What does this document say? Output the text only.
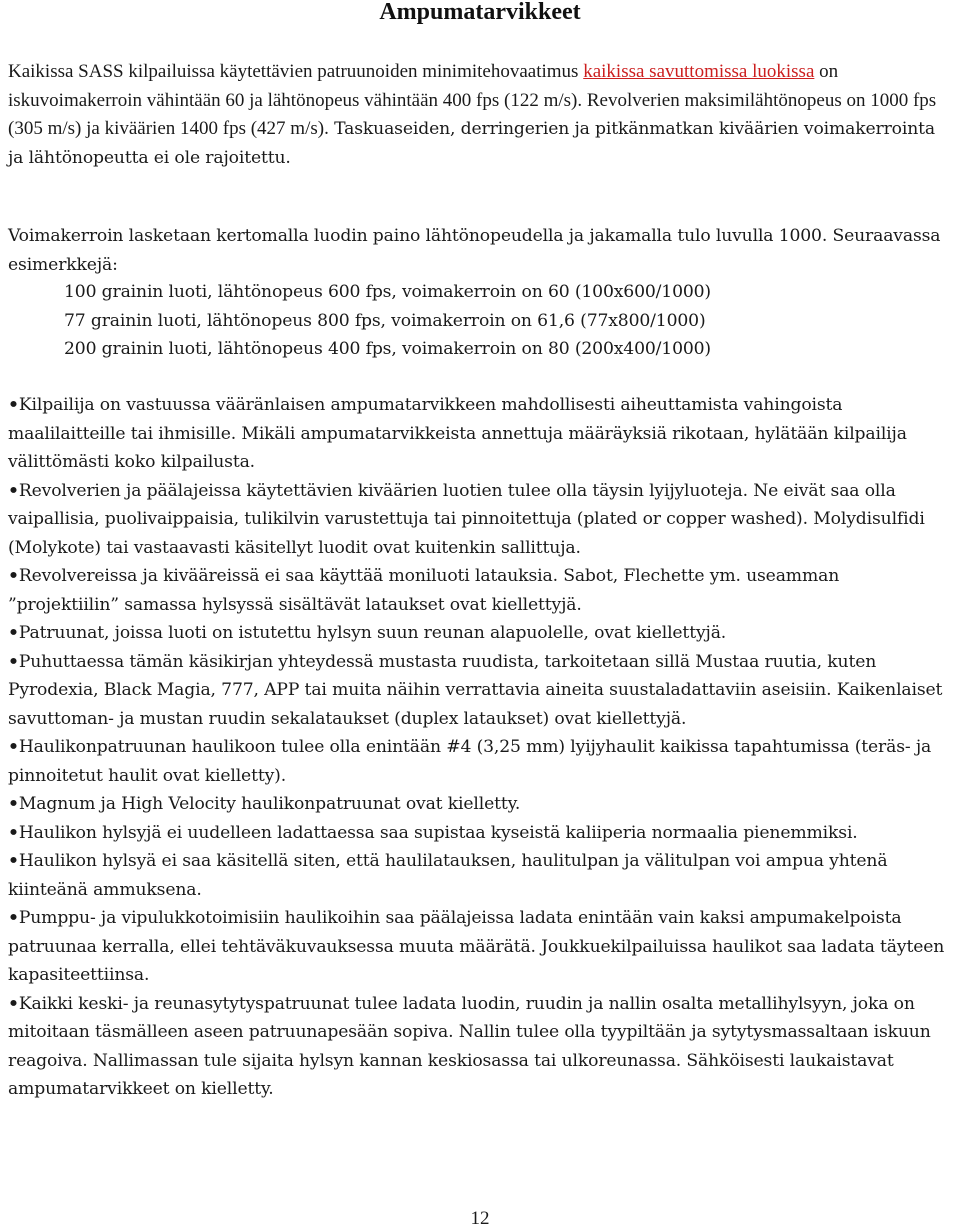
Ampumatarvikkeet

Kaikissa SASS kilpailuissa käytettävien patruunoiden minimitehovaatimus kaikissa savuttomissa luokissa on iskuvoimakerroin vähintään 60 ja lähtönopeus vähintään 400 fps (122 m/s). Revolverien maksimilähtönopeus on 1000 fps (305 m/s) ja kiväärien 1400 fps (427 m/s). Taskuaseiden, derringerien ja pitkänmatkan kiväärien voimakerrointa ja lähtönopeutta ei ole rajoitettu.

Voimakerroin lasketaan kertomalla luodin paino lähtönopeudella ja jakamalla tulo luvulla 1000. Seuraavassa esimerkkejä:

100 grainin luoti, lähtönopeus 600 fps, voimakerroin on 60 (100x600/1000)
77 grainin luoti, lähtönopeus 800 fps, voimakerroin on 61,6 (77x800/1000)
200 grainin luoti, lähtönopeus 400 fps, voimakerroin on 80 (200x400/1000)

•Kilpailija on vastuussa vääränlaisen ampumatarvikkeen mahdollisesti aiheuttamista vahingoista maalilaitteille tai ihmisille. Mikäli ampumatarvikkeista annettuja määräyksiä rikotaan, hylätään kilpailija välittömästi koko kilpailusta.

•Revolverien ja päälajeissa käytettävien kiväärien luotien tulee olla täysin lyijyluoteja. Ne eivät saa olla vaipallisia, puolivaippaisia, tulikilvin varustettuja tai pinnoitettuja (plated or copper washed). Molydisulfidi (Molykote) tai vastaavasti käsitellyt luodit ovat kuitenkin sallittuja.

•Revolvereissa ja kivääreissä ei saa käyttää moniluoti latauksia. Sabot, Flechette ym. useamman ”projektiilin” samassa hylsyssä sisältävät lataukset ovat kiellettyjä.

•Patruunat, joissa luoti on istutettu hylsyn suun reunan alapuolelle, ovat kiellettyjä.

•Puhuttaessa tämän käsikirjan yhteydessä mustasta ruudista, tarkoitetaan sillä Mustaa ruutia, kuten Pyrodexia, Black Magia, 777, APP tai muita näihin verrattavia aineita suustaladattaviin aseisiin. Kaikenlaiset savuttoman- ja mustan ruudin sekalataukset (duplex lataukset) ovat kiellettyjä.

•Haulikonpatruunan haulikoon tulee olla enintään #4 (3,25 mm) lyijyhaulit kaikissa tapahtumissa (teräs- ja pinnoitetut haulit ovat kielletty).

•Magnum ja High Velocity haulikonpatruunat ovat kielletty.

•Haulikon hylsyjä ei uudelleen ladattaessa saa supistaa kyseistä kaliiperia normaalia pienemmiksi.

•Haulikon hylsyä ei saa käsitellä siten, että haulilatauksen, haulitulpan ja välitulpan voi ampua yhtenä kiinteänä ammuksena.

•Pumppu- ja vipulukkotoimisiin haulikoihin saa päälajeissa ladata enintään vain kaksi ampumakelpoista patruunaa kerralla, ellei tehtäväkuvauksessa muuta määrätä. Joukkuekilpailuissa haulikot saa ladata täyteen kapasiteettiinsa.

•Kaikki keski- ja reunasytytyspatruunat tulee ladata luodin, ruudin ja nallin osalta metallihylsyyn, joka on mitoitaan täsmälleen aseen patruunapesään sopiva. Nallin tulee olla tyypiltään ja sytytysmassaltaan iskuun reagoiva. Nallimassan tule sijaita hylsyn kannan keskiosassa tai ulkoreunassa. Sähköisesti laukaistavat ampumatarvikkeet on kielletty.

12
